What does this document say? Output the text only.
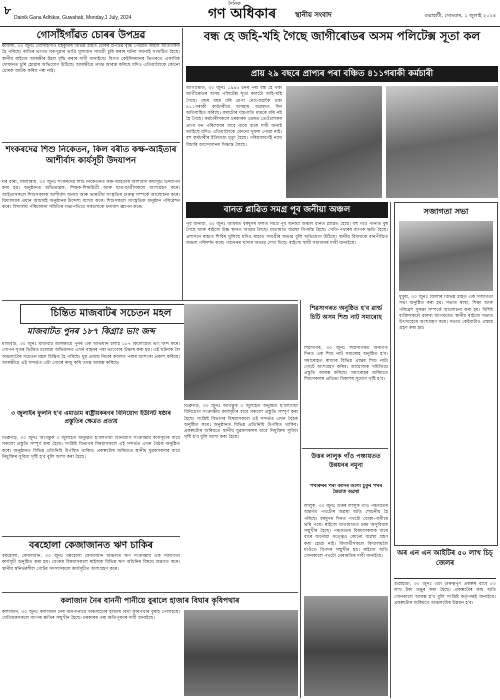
৮
Dainik Gana Adhikar, Guwahati, Monday,1 July, 2024
দৈনিক
গণ অধিকাৰ	স্থানীয় সংবাদ	গুৱাহাটী, সোমবাৰ, ১ জুলাই ২০২৪
গোসাঁইগাঁৱত চোৰৰ উপদ্ৰৱ
কাৰ্বাৰী, ৩০ জুনঃ গোসাঁইগাঁও মহকুমাৰ বিভিন্ন ঠাইত চোৰৰ উপদ্ৰৱ বৃদ্ধি পোৱাত ৰাইজ আতংকিত হৈ পৰিছে। ৰাতিৰ ভাগত ঘৰ-দুৱাৰ ভাঙি মূল্যবান সামগ্ৰী চুৰি কৰাৰ ঘটনা সঘনাই সংঘটিত হৈছে। স্থানীয় ৰাইজে আৰক্ষীৰ টহল বৃদ্ধি কৰাৰ দাবী জনাইছে। বিগত কেইদিনমানৰ ভিতৰতে একাধিক দোকানত চুৰি হোৱাৰ অভিযোগ উঠিছে। আৰক্ষীয়ে তদন্ত আৰম্ভ কৰিছে যদিও এতিয়ালৈকে কোনো চোৰক আটক কৰিব পৰা নাই।
শংকৰদেৱ শিশু নিকেতন, কিল বৰীত কক্ষ-আইতাৰ আশীৰ্বাদ কাৰ্যসূচী উদযাপন
ঘৰ বাৰী, জিলাৰীয়, ৩০ জুনঃ শংকৰদেৱ শিশু নিকেতনত কক্ষ-আইতাৰ আশীৰ্বাদ কাৰ্যসূচী উদযাপন কৰা হয়। অনুষ্ঠানত অভিভাৱক, শিক্ষক-শিক্ষয়িত্ৰী আৰু ছাত্ৰ-ছাত্ৰীসকলে অংশগ্ৰহণ কৰে। আইতাসকলে শিশুসকলক আশীৰ্বাদ জনায় আৰু ভাৰতীয় সংস্কৃতিৰ গুৰুত্ব সম্পৰ্কে আলোচনা কৰে। বিদ্যালয়ৰ প্ৰধান আচাৰ্যই অনুষ্ঠানৰ উদ্দেশ্য ব্যাখ্যা কৰে। শিশুসকলে সাংস্কৃতিক অনুষ্ঠান পৰিৱেশন কৰে। বিদ্যালয় পৰিচালনা সমিতিৰ সভাপতিয়ে সকলোকে ধন্যবাদ জ্ঞাপন কৰে।
চিন্তিত মাজবাটৰ সচেতন মহল
মাজবাটত পুনৰ ১৮৭ কিগ্ৰাঃ ভাং জব্দ
মাজবাট, ৩০ জুনঃ মাজবাট আৰক্ষীয়ে পুনৰ এক অভিযান চলাই ১৮৭ কিলোগ্ৰাম ভাং জব্দ কৰে। গোপন সূত্ৰৰ ভিত্তিত চলোৱা অভিযানত এখন বাহনৰ পৰা ভাংবোৰ উদ্ধাৰ কৰা হয়। এই ঘটনাক লৈ অঞ্চলটোৰ সচেতন মহল চিন্তিত হৈ পৰিছে। যুৱ প্ৰজন্ম নিচাৰ কবলত পৰাৰ আশংকা প্ৰকাশ কৰিছে। আৰক্ষীয়ে এই সন্দৰ্ভত এটা গোচৰ ৰুজু কৰি তদন্ত আৰম্ভ কৰিছে।
৩ জুলাইৰ ফুলনি হ'ব এমাডাম ৰাষ্ট্ৰীয়কৰণৰ বিনিয়োগ ইউনিট ষষ্ঠাৰ প্ৰস্তুতিৰ ক্ষেত্ৰত প্ৰত্যয়
ডিব্ৰুগড়, ৩০ জুনঃ আগন্তুক ৩ জুলাইত অনুষ্ঠিত হ'বলগীয়া বিনিয়োগ সংক্ৰান্তীয় কাৰ্যসূচীৰ বাবে সকলো প্ৰস্তুতি সম্পূৰ্ণ কৰা হৈছে। সংশ্লিষ্ট বিভাগৰ বিষয়াসকলে এই সন্দৰ্ভত এখন বৈঠক অনুষ্ঠিত কৰে। অনুষ্ঠানত বিভিন্ন প্ৰতিনিধি উপস্থিত থাকিব। প্ৰকল্পটোৰ জৰিয়তে স্থানীয় যুৱকসকলৰ বাবে নিযুক্তিৰ সুবিধা সৃষ্টি হ'ব বুলি আশা কৰা হৈছে।
বৰহোলা কেজাজানত ঋণ চাকিৰ
বৰহোলা, কেজাজান, ৩০ জুনঃ বৰহোলা কেজাজান অঞ্চলত ঋণ সংক্ৰান্তীয় এক সজাগতা কাৰ্যসূচী অনুষ্ঠিত কৰা হয়। বেংকৰ বিষয়াসকলে ৰাইজক বিভিন্ন ঋণ আঁচনিৰ বিষয়ে অৱগত কৰে। স্থানীয় স্বনিৰ্ভৰশীল গোটৰ সদস্যসকলে কাৰ্যসূচীত অংশগ্ৰহণ কৰে।
কলাজান নৈৰ বাননী পানীয়ে বুৰালে হাজাৰ বিঘাৰ কৃষিপথাৰ
কলাজান, ৩০ জুনঃ কলাজান নৈৰ বানপানীয়ে অঞ্চলটোৰ হাজাৰ বিঘা কৃষিপথাৰ বুৰাই পেলাইছে। খেতিয়কসকলে ব্যাপক ক্ষতিৰ সন্মুখীন হৈছে। চৰকাৰৰ পৰা ক্ষতিপূৰণৰ দাবী জনাইছে।
বন্ধ হে জহি-খহি গৈছে জাগীৰোডৰ অসম পলিটেক্স সূতা কল
প্ৰায় ২৯ বছৰে প্ৰাপ্যৰ পৰা বঞ্চিত ৪১১গৰাকী কৰ্মচাৰী
জাগীৰোড, ৩০ জুনঃ ১৯৯৫ চনৰ পৰা বন্ধ হৈ থকা জাগীৰোডৰ অসম পলিটেক্স সূতা কলটো জহি-খহি গৈছে। বছৰ বছৰ ধৰি প্ৰাপ্য নোপোৱাকৈ থকা ৪১১গৰাকী কৰ্মচাৰীয়ে অসহায় অৱস্থাত দিন অতিবাহিত কৰিছে। কলটোৰ যন্ত্ৰপাতি মামৰে ধৰি নষ্ট হৈ গৈছে। কৰ্মচাৰীসকলে চৰকাৰৰ ওচৰত তেওঁলোকৰ প্ৰাপ্য ধন পৰিশোধৰ বাবে বাৰে বাৰে দাবী জনাই আহিছে যদিও এতিয়ালৈকে কোনো সুফল পোৱা নাই। বহু কৰ্মচাৰীৰ ইতিমধ্যে মৃত্যু হৈছে। পৰিয়ালবৰ্গই ন্যায় বিচাৰি আন্দোলনৰ সিদ্ধান্ত লৈছে।
বানত প্লাৱিত সমগ্ৰ পূব জনীয়া অঞ্চল
পূব জনীয়া, ৩০ জুনঃ অবিৰত বৰষুণৰ ফলত সমগ্ৰ পূব জনীয়া অঞ্চল বানত প্লাৱিত হৈছে। বহু গাঁও পানীত বুৰ গৈছে আৰু ৰাইজে উচ্চ স্থানত আশ্ৰয় লৈছে। যাতায়াত ব্যৱস্থা বিপৰ্যস্ত হৈছে। খেতি-পথাৰৰ ব্যাপক ক্ষতি হৈছে। প্ৰশাসনে ৰাহাত শিবিৰ খুলিছে যদিও ৰাহাত সামগ্ৰীৰ অভাৱ বুলি অভিযোগ উঠিছে। স্থানীয় বিধায়কে বানপীড়িত অঞ্চল পৰিদৰ্শন কৰে। পশুধনৰ খাদ্যৰ অভাৱ দেখা দিছে। ৰাইজে স্থায়ী সমাধানৰ দাবী জনাইছে।
ডিব্ৰুগড়, ৩০ জুনঃ আগন্তুক ৩ জুলাইত অনুষ্ঠিত হ'বলগীয়া বিনিয়োগ সংক্ৰান্তীয় কাৰ্যসূচীৰ বাবে সকলো প্ৰস্তুতি সম্পূৰ্ণ কৰা হৈছে। সংশ্লিষ্ট বিভাগৰ বিষয়াসকলে এই সন্দৰ্ভত এখন বৈঠক অনুষ্ঠিত কৰে। অনুষ্ঠানত বিভিন্ন প্ৰতিনিধি উপস্থিত থাকিব। প্ৰকল্পটোৰ জৰিয়তে স্থানীয় যুৱকসকলৰ বাবে নিযুক্তিৰ সুবিধা সৃষ্টি হ'ব বুলি আশা কৰা হৈছে।
শিৱসাগৰত অনুষ্ঠিত হ'ব ৱাৰ্ল্ড চিটি অসম শিশু নাট সমাৰোহ
শিৱসাগৰ, ৩০ জুনঃ শিৱসাগৰত অনাগত দিনত এক শিশু নাট সমাৰোহ অনুষ্ঠিত হ'ব। সমাৰোহত ৰাজ্যৰ বিভিন্ন প্ৰান্তৰ শিশু নাট্য গোটে অংশগ্ৰহণ কৰিব। আয়োজক সমিতিয়ে প্ৰস্তুতি আৰম্ভ কৰিছে। সমাৰোহৰ জৰিয়তে শিশুসকলৰ প্ৰতিভা বিকাশৰ সুযোগ সৃষ্টি হ'ব।
উত্তৰ লালুক গাঁও পঞ্চায়তত উন্নয়নৰ নমুনা
পথাৰুৰৰ পৰা কাদিৰ আলী চুকুৰ পথৰ ভৈয়াত অৱস্থা
লালুক, ৩০ জুনঃ উত্তৰ লালুক গাঁও পঞ্চায়তৰ অন্তৰ্গত পথটোৰ অৱস্থা অতি শোচনীয় হৈ পৰিছে। বৰষুণৰ দিনত পথটো বোকা-পানীৰে ভৰি পৰে। ৰাইজে যাতায়াতত চৰম অসুবিধাৰ সন্মুখীন হৈছে। পঞ্চায়তৰ বিষয়াসকলক বাৰে বাৰে জনোৱা সত্ত্বেও কোনো ব্যৱস্থা গ্ৰহণ কৰা হোৱা নাই। বিদ্যাৰ্থীসকলে বিদ্যালয়লৈ যাওঁতে বিপদৰ সন্মুখীন হয়। ৰাইজে অতি সোনকালে পথটো মেৰামতিৰ দাবী জনাইছে।
সজাগতা সভা
ধুবুৰী, ৩০ জুনঃ জিলাৰ বিভিন্ন ঠাইত এক সজাগতা সভা অনুষ্ঠিত কৰা হয়। সভাত স্বাস্থ্য, শিক্ষা আৰু পৰিৱেশ সুৰক্ষা সম্পৰ্কে আলোচনা কৰা হয়। বিশিষ্ট ব্যক্তিসকলে বক্তব্য আগবঢ়ায়। স্থানীয় ৰাইজে সভাত উৎসাহেৰে অংশগ্ৰহণ কৰে। সভাত কেইবাটাও প্ৰস্তাৱ গ্ৰহণ কৰা হয়।
অৰ এন এন আইটিৰ ৫০ লাখ চিচ্ জেলৰ
গুৱাহাটী, ৩০ জুনঃ এটা গুৰুত্বপূৰ্ণ প্ৰকল্পৰ বাবে ৫০ লাখ টকা মঞ্জুৰ কৰা হৈছে। প্ৰকল্পটোৰ কাম অতি সোনকালে আৰম্ভ হ'ব বুলি সংশ্লিষ্ট কৰ্তৃপক্ষই জনাইছে। প্ৰকল্পটোৰ জৰিয়তে অঞ্চলটোৰ উন্নয়ন হ'ব।
